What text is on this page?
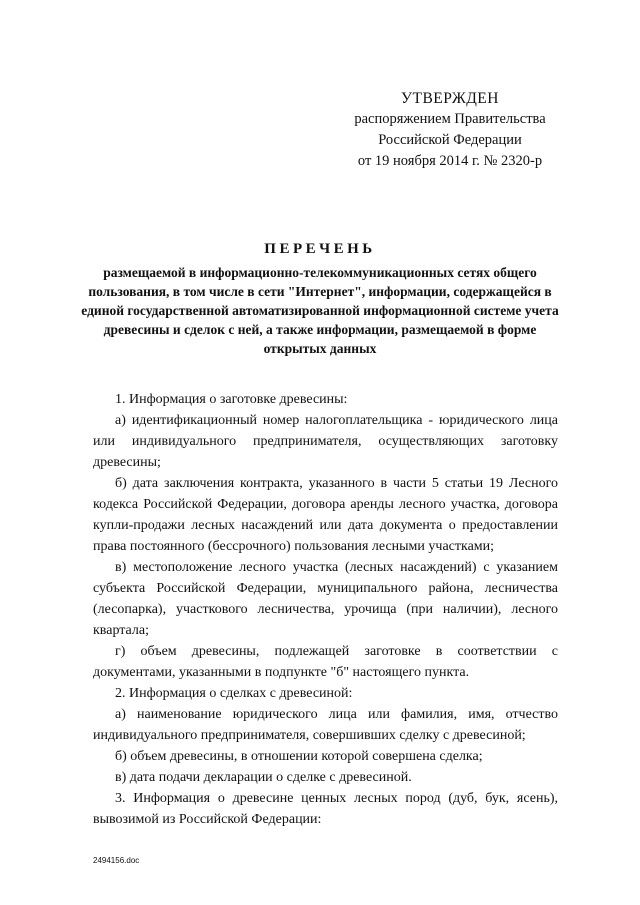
УТВЕРЖДЕН
распоряжением Правительства
Российской Федерации
от 19 ноября 2014 г. № 2320-р
ПЕРЕЧЕНЬ
размещаемой в информационно-телекоммуникационных сетях общего пользования, в том числе в сети "Интернет", информации, содержащейся в единой государственной автоматизированной информационной системе учета древесины и сделок с ней, а также информации, размещаемой в форме открытых данных

1. Информация о заготовке древесины:

а) идентификационный номер налогоплательщика - юридического лица или индивидуального предпринимателя, осуществляющих заготовку древесины;

б) дата заключения контракта, указанного в части 5 статьи 19 Лесного кодекса Российской Федерации, договора аренды лесного участка, договора купли-продажи лесных насаждений или дата документа о предоставлении права постоянного (бессрочного) пользования лесными участками;

в) местоположение лесного участка (лесных насаждений) с указанием субъекта Российской Федерации, муниципального района, лесничества (лесопарка), участкового лесничества, урочища (при наличии), лесного квартала;

г) объем древесины, подлежащей заготовке в соответствии с документами, указанными в подпункте "б" настоящего пункта.

2. Информация о сделках с древесиной:

а) наименование юридического лица или фамилия, имя, отчество индивидуального предпринимателя, совершивших сделку с древесиной;

б) объем древесины, в отношении которой совершена сделка;

в) дата подачи декларации о сделке с древесиной.

3. Информация о древесине ценных лесных пород (дуб, бук, ясень), вывозимой из Российской Федерации:

2494156.doc
